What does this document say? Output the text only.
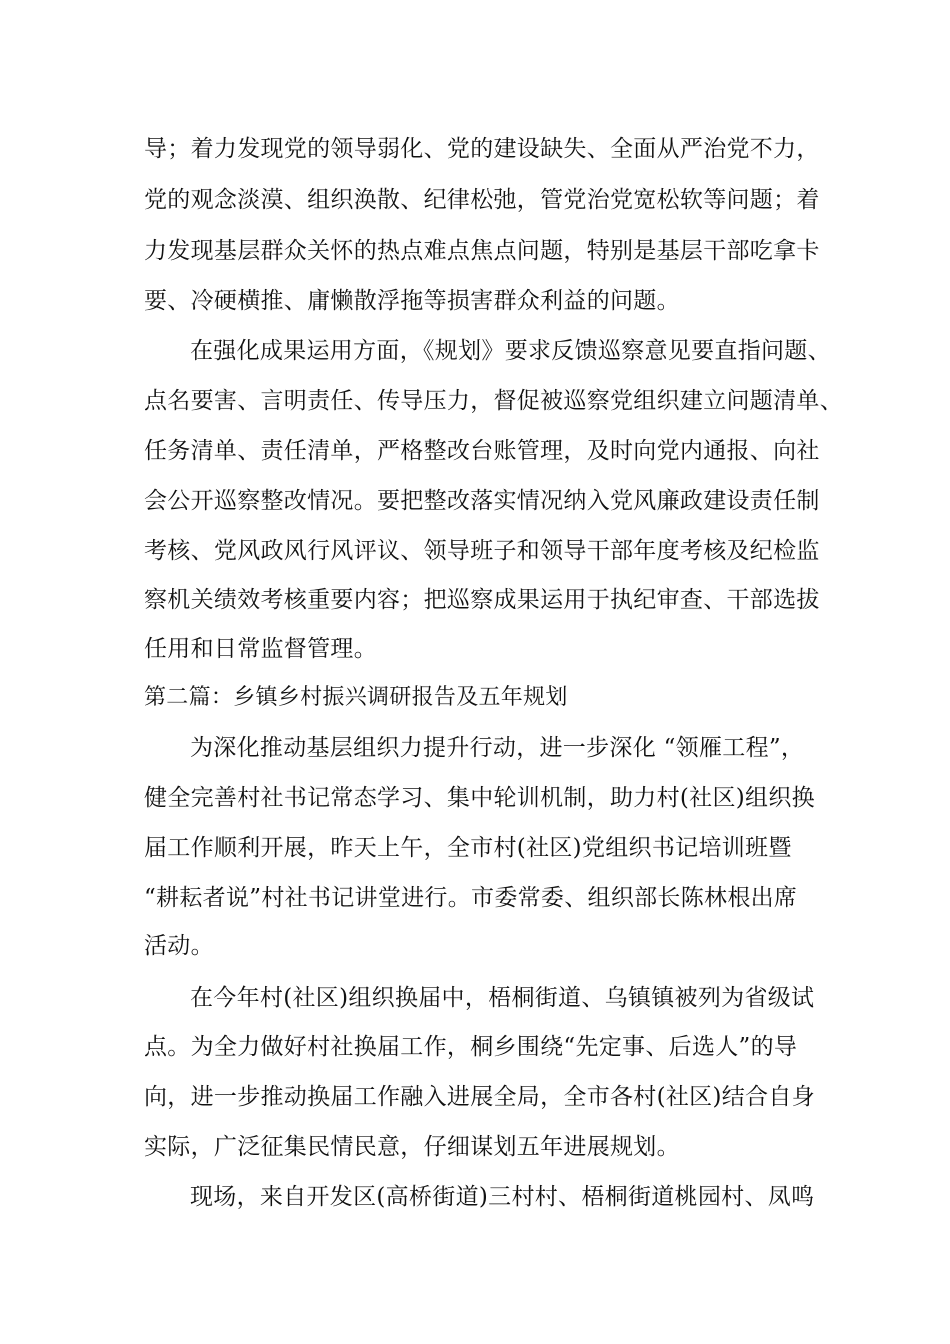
导；着力发现党的领导弱化、党的建设缺失、全面从严治党不力，
党的观念淡漠、组织涣散、纪律松弛，管党治党宽松软等问题；着
力发现基层群众关怀的热点难点焦点问题，特别是基层干部吃拿卡
要、冷硬横推、庸懒散浮拖等损害群众利益的问题。
在强化成果运用方面，《规划》要求反馈巡察意见要直指问题、
点名要害、言明责任、传导压力，督促被巡察党组织建立问题清单、
任务清单、责任清单，严格整改台账管理，及时向党内通报、向社
会公开巡察整改情况。要把整改落实情况纳入党风廉政建设责任制
考核、党风政风行风评议、领导班子和领导干部年度考核及纪检监
察机关绩效考核重要内容；把巡察成果运用于执纪审查、干部选拔
任用和日常监督管理。
第二篇：乡镇乡村振兴调研报告及五年规划
为深化推动基层组织力提升行动，进一步深化 “领雁工程”，
健全完善村社书记常态学习、集中轮训机制，助力村(社区)组织换
届工作顺利开展，昨天上午，全市村(社区)党组织书记培训班暨
“耕耘者说”村社书记讲堂进行。市委常委、组织部长陈林根出席
活动。
在今年村(社区)组织换届中，梧桐街道、乌镇镇被列为省级试
点。为全力做好村社换届工作，桐乡围绕“先定事、后选人”的导
向，进一步推动换届工作融入进展全局，全市各村(社区)结合自身
实际，广泛征集民情民意，仔细谋划五年进展规划。
现场，来自开发区(高桥街道)三村村、梧桐街道桃园村、凤鸣
